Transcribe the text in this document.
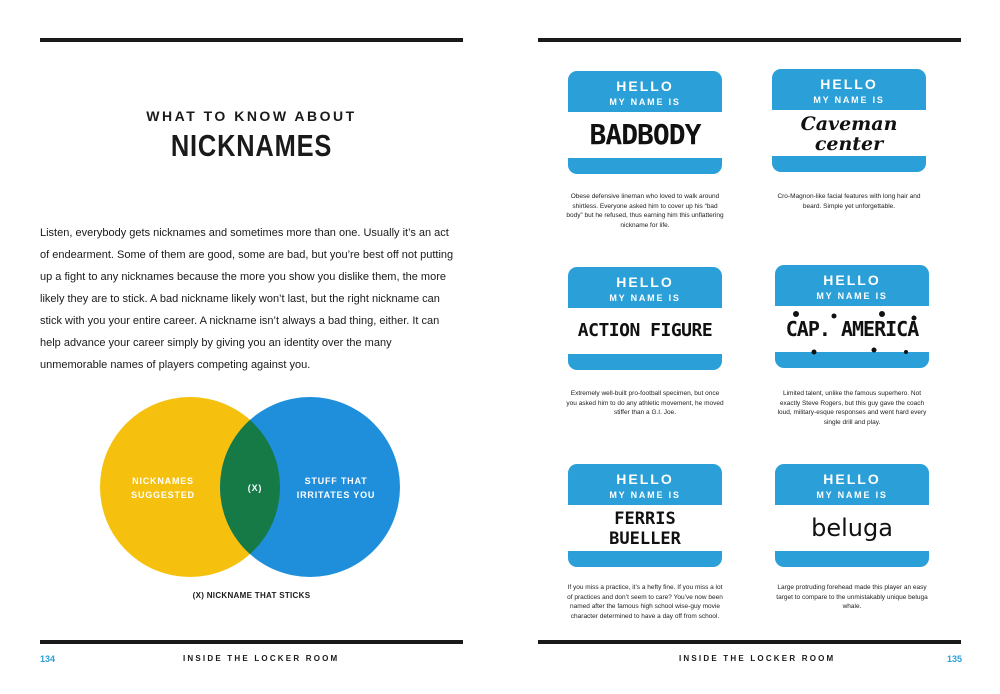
WHAT TO KNOW ABOUT
NICKNAMES
Listen, everybody gets nicknames and sometimes more than one. Usually it’s an act of endearment. Some of them are good, some are bad, but you’re best off not putting up a fight to any nicknames because the more you show you dislike them, the more likely they are to stick. A bad nickname likely won’t last, but the right nickname can stick with you your entire career. A nickname isn’t always a bad thing, either. It can help advance your career simply by giving you an identity over the many unmemorable names of players competing against you.
NICKNAMES
SUGGESTED
(X)
STUFF THAT
IRRITATES YOU
(X) NICKNAME THAT STICKS
134	INSIDE THE LOCKER ROOM
HELLO
MY NAME IS
BADBODY
Obese defensive lineman who loved to walk around shirtless. Everyone asked him to cover up his “bad body” but he refused, thus earning him this unflattering nickname for life.
HELLO
MY NAME IS
Caveman center
Cro-Magnon-like facial features with long hair and beard. Simple yet unforgettable.
HELLO
MY NAME IS
ACTION FIGURE
Extremely well-built pro-football specimen, but once you asked him to do any athletic movement, he moved stiffer than a G.I. Joe.
HELLO
MY NAME IS
CAP. AMERICA
Limited talent, unlike the famous superhero. Not exactly Steve Rogers, but this guy gave the coach loud, military-esque responses and went hard every single drill and play.
HELLO
MY NAME IS
FERRIS BUELLER
If you miss a practice, it’s a hefty fine. If you miss a lot of practices and don’t seem to care? You’ve now been named after the famous high school wise-guy movie character determined to have a day off from school.
HELLO
MY NAME IS
beluga
Large protruding forehead made this player an easy target to compare to the unmistakably unique beluga whale.
INSIDE THE LOCKER ROOM	135
